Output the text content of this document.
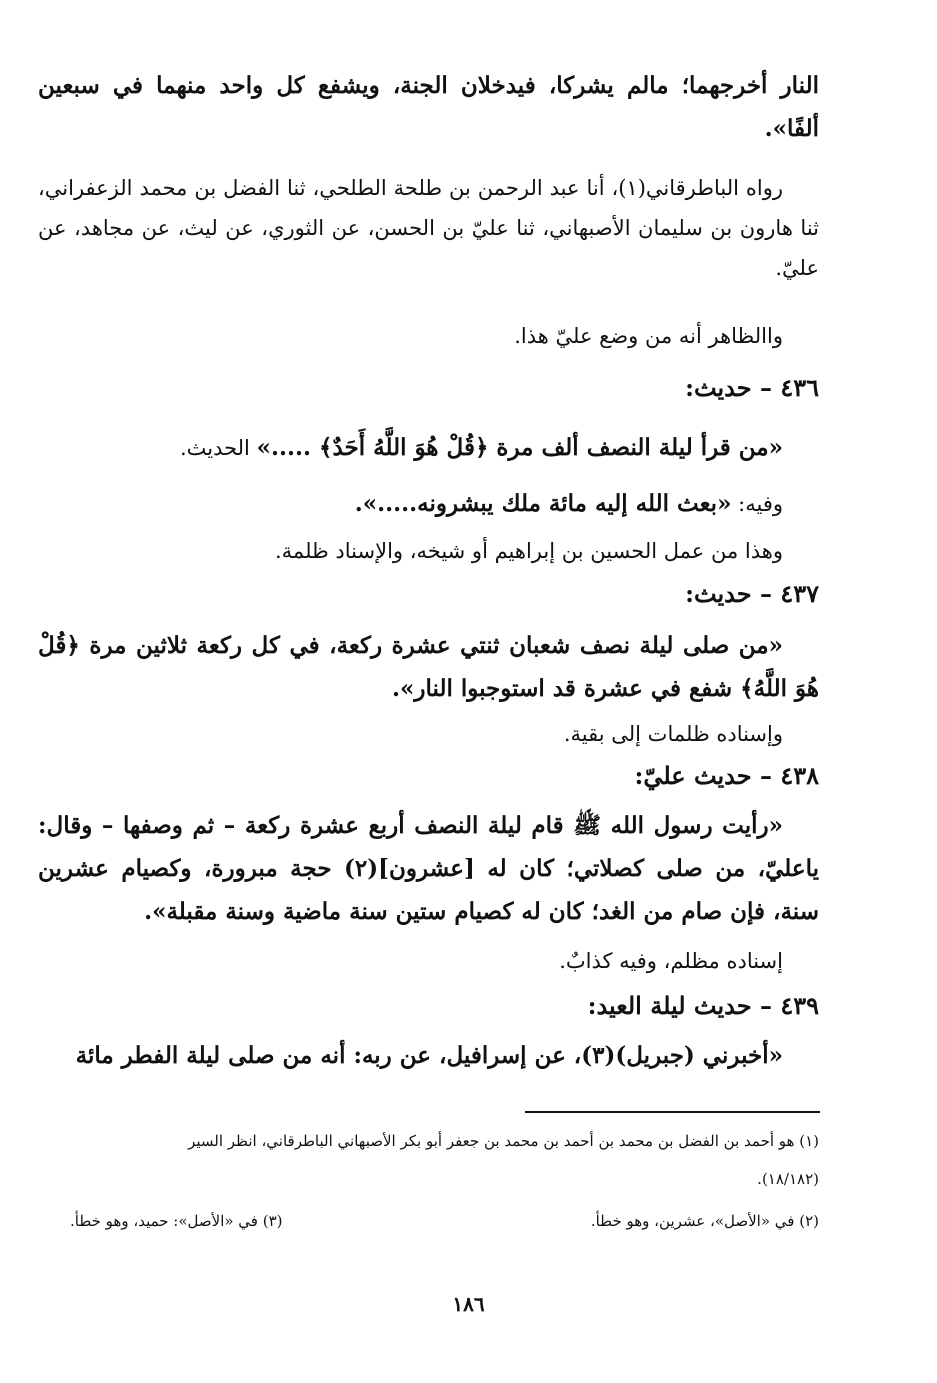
النار أخرجهما؛ مالم يشركا، فيدخلان الجنة، ويشفع كل واحد منهما في سبعين ألفًا».

رواه الباطرقاني(١)، أنا عبد الرحمن بن طلحة الطلحي، ثنا الفضل بن محمد الزعفراني، ثنا هارون بن سليمان الأصبهاني، ثنا عليّ بن الحسن، عن الثوري، عن ليث، عن مجاهد، عن عليّ.

واالظاهر أنه من وضع عليّ هذا.

٤٣٦ – حديث:

«من قرأ ليلة النصف ألف مرة ﴿قُلْ هُوَ اللَّهُ أَحَدٌ﴾ .....» الحديث.

وفيه: «بعث الله إليه مائة ملك يبشرونه.....».

وهذا من عمل الحسين بن إبراهيم أو شيخه، والإسناد ظلمة.

٤٣٧ – حديث:

«من صلى ليلة نصف شعبان ثنتي عشرة ركعة، في كل ركعة ثلاثين مرة ﴿قُلْ هُوَ اللَّهُ﴾ شفع في عشرة قد استوجبوا النار».

وإسناده ظلمات إلى بقية.

٤٣٨ – حديث عليّ:

«رأيت رسول الله ﷺ قام ليلة النصف أربع عشرة ركعة – ثم وصفها – وقال: ياعليّ، من صلى كصلاتي؛ كان له [عشرون](٢) حجة مبرورة، وكصيام عشرين سنة، فإن صام من الغد؛ كان له كصيام ستين سنة ماضية وسنة مقبلة».

إسناده مظلم، وفيه كذابٌ.

٤٣٩ – حديث ليلة العيد:

«أخبرني (جبريل)(٣)، عن إسرافيل، عن ربه: أنه من صلى ليلة الفطر مائة

(١) هو أحمد بن الفضل بن محمد بن أحمد بن محمد بن جعفر أبو بكر الأصبهاني الباطرقاني، انظر السير

(١٨/١٨٢).

(٢) في «الأصل»، عشرين، وهو خطأ.

(٣) في «الأصل»: حميد، وهو خطأ.

١٨٦
